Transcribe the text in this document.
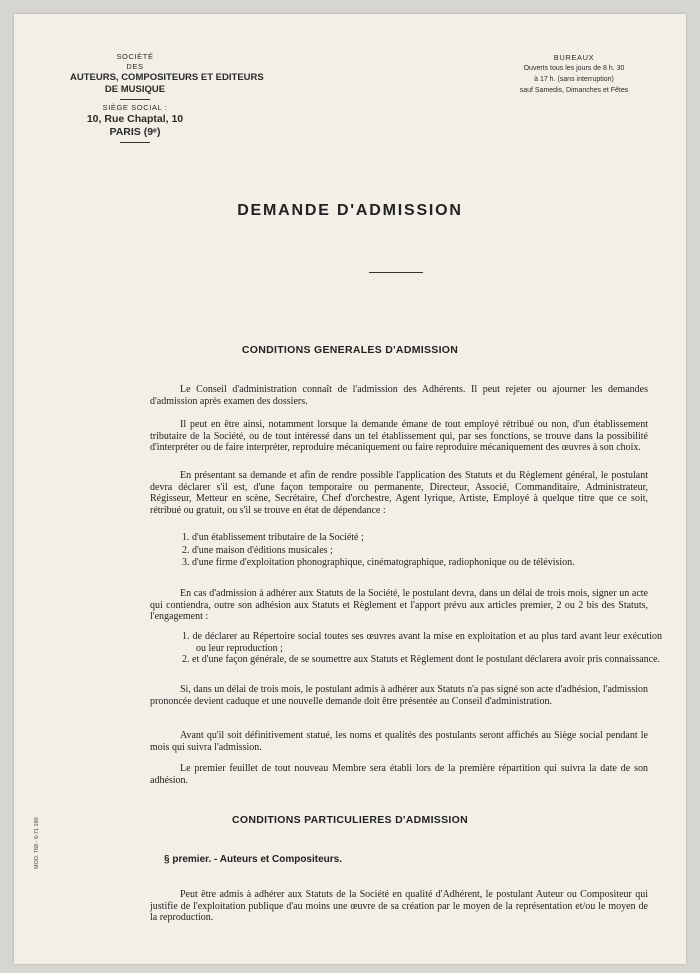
SOCIÉTÉ
DES
AUTEURS, COMPOSITEURS ET EDITEURS
DE MUSIQUE
SIÈGE SOCIAL :
10, Rue Chaptal, 10
PARIS (9ᵉ)
BUREAUX
Ouverts tous les jours de 8 h. 30
à 17 h. (sans interruption)
sauf Samedis, Dimanches et Fêtes
DEMANDE D'ADMISSION
CONDITIONS GENERALES D'ADMISSION

Le Conseil d'administration connaît de l'admission des Adhérents. Il peut rejeter ou ajourner les demandes d'admission après examen des dossiers.

Il peut en être ainsi, notamment lorsque la demande émane de tout employé rétribué ou non, d'un établissement tributaire de la Société, ou de tout intéressé dans un tel établissement qui, par ses fonctions, se trouve dans la possibilité d'interpréter ou de faire interpréter, reproduire mécaniquement ou faire reproduire mécaniquement des œuvres à son choix.

En présentant sa demande et afin de rendre possible l'application des Statuts et du Règlement général, le postulant devra déclarer s'il est, d'une façon temporaire ou permanente, Directeur, Associé, Commanditaire, Administrateur, Régisseur, Metteur en scène, Secrétaire, Chef d'orchestre, Agent lyrique, Artiste, Employé à quelque titre que ce soit, rétribué ou gratuit, ou s'il se trouve en état de dépendance :

1. d'un établissement tributaire de la Société ;

2. d'une maison d'éditions musicales ;

3. d'une firme d'exploitation phonographique, cinématographique, radiophonique ou de télévision.

En cas d'admission à adhérer aux Statuts de la Société, le postulant devra, dans un délai de trois mois, signer un acte qui contiendra, outre son adhésion aux Statuts et Règlement et l'apport prévu aux articles premier, 2 ou 2 bis des Statuts, l'engagement :

1. de déclarer au Répertoire social toutes ses œuvres avant la mise en exploitation et au plus tard avant leur exécution ou leur reproduction ;

2. et d'une façon générale, de se soumettre aux Statuts et Règlement dont le postulant déclarera avoir pris connaissance.

Si, dans un délai de trois mois, le postulant admis à adhérer aux Statuts n'a pas signé son acte d'adhésion, l'admission prononcée devient caduque et une nouvelle demande doit être présentée au Conseil d'administration.

Avant qu'il soit définitivement statué, les noms et qualités des postulants seront affichés au Siège social pendant le mois qui suivra l'admission.

Le premier feuillet de tout nouveau Membre sera établi lors de la première répartition qui suivra la date de son adhésion.

CONDITIONS PARTICULIERES D'ADMISSION
§ premier. - Auteurs et Compositeurs.

Peut être admis à adhérer aux Statuts de la Société en qualité d'Adhérent, le postulant Auteur ou Compositeur qui justifie de l'exploitation publique d'au moins une œuvre de sa création par le moyen de la représentation et/ou le moyen de la reproduction.

MOD. 768 - 6-71 180
